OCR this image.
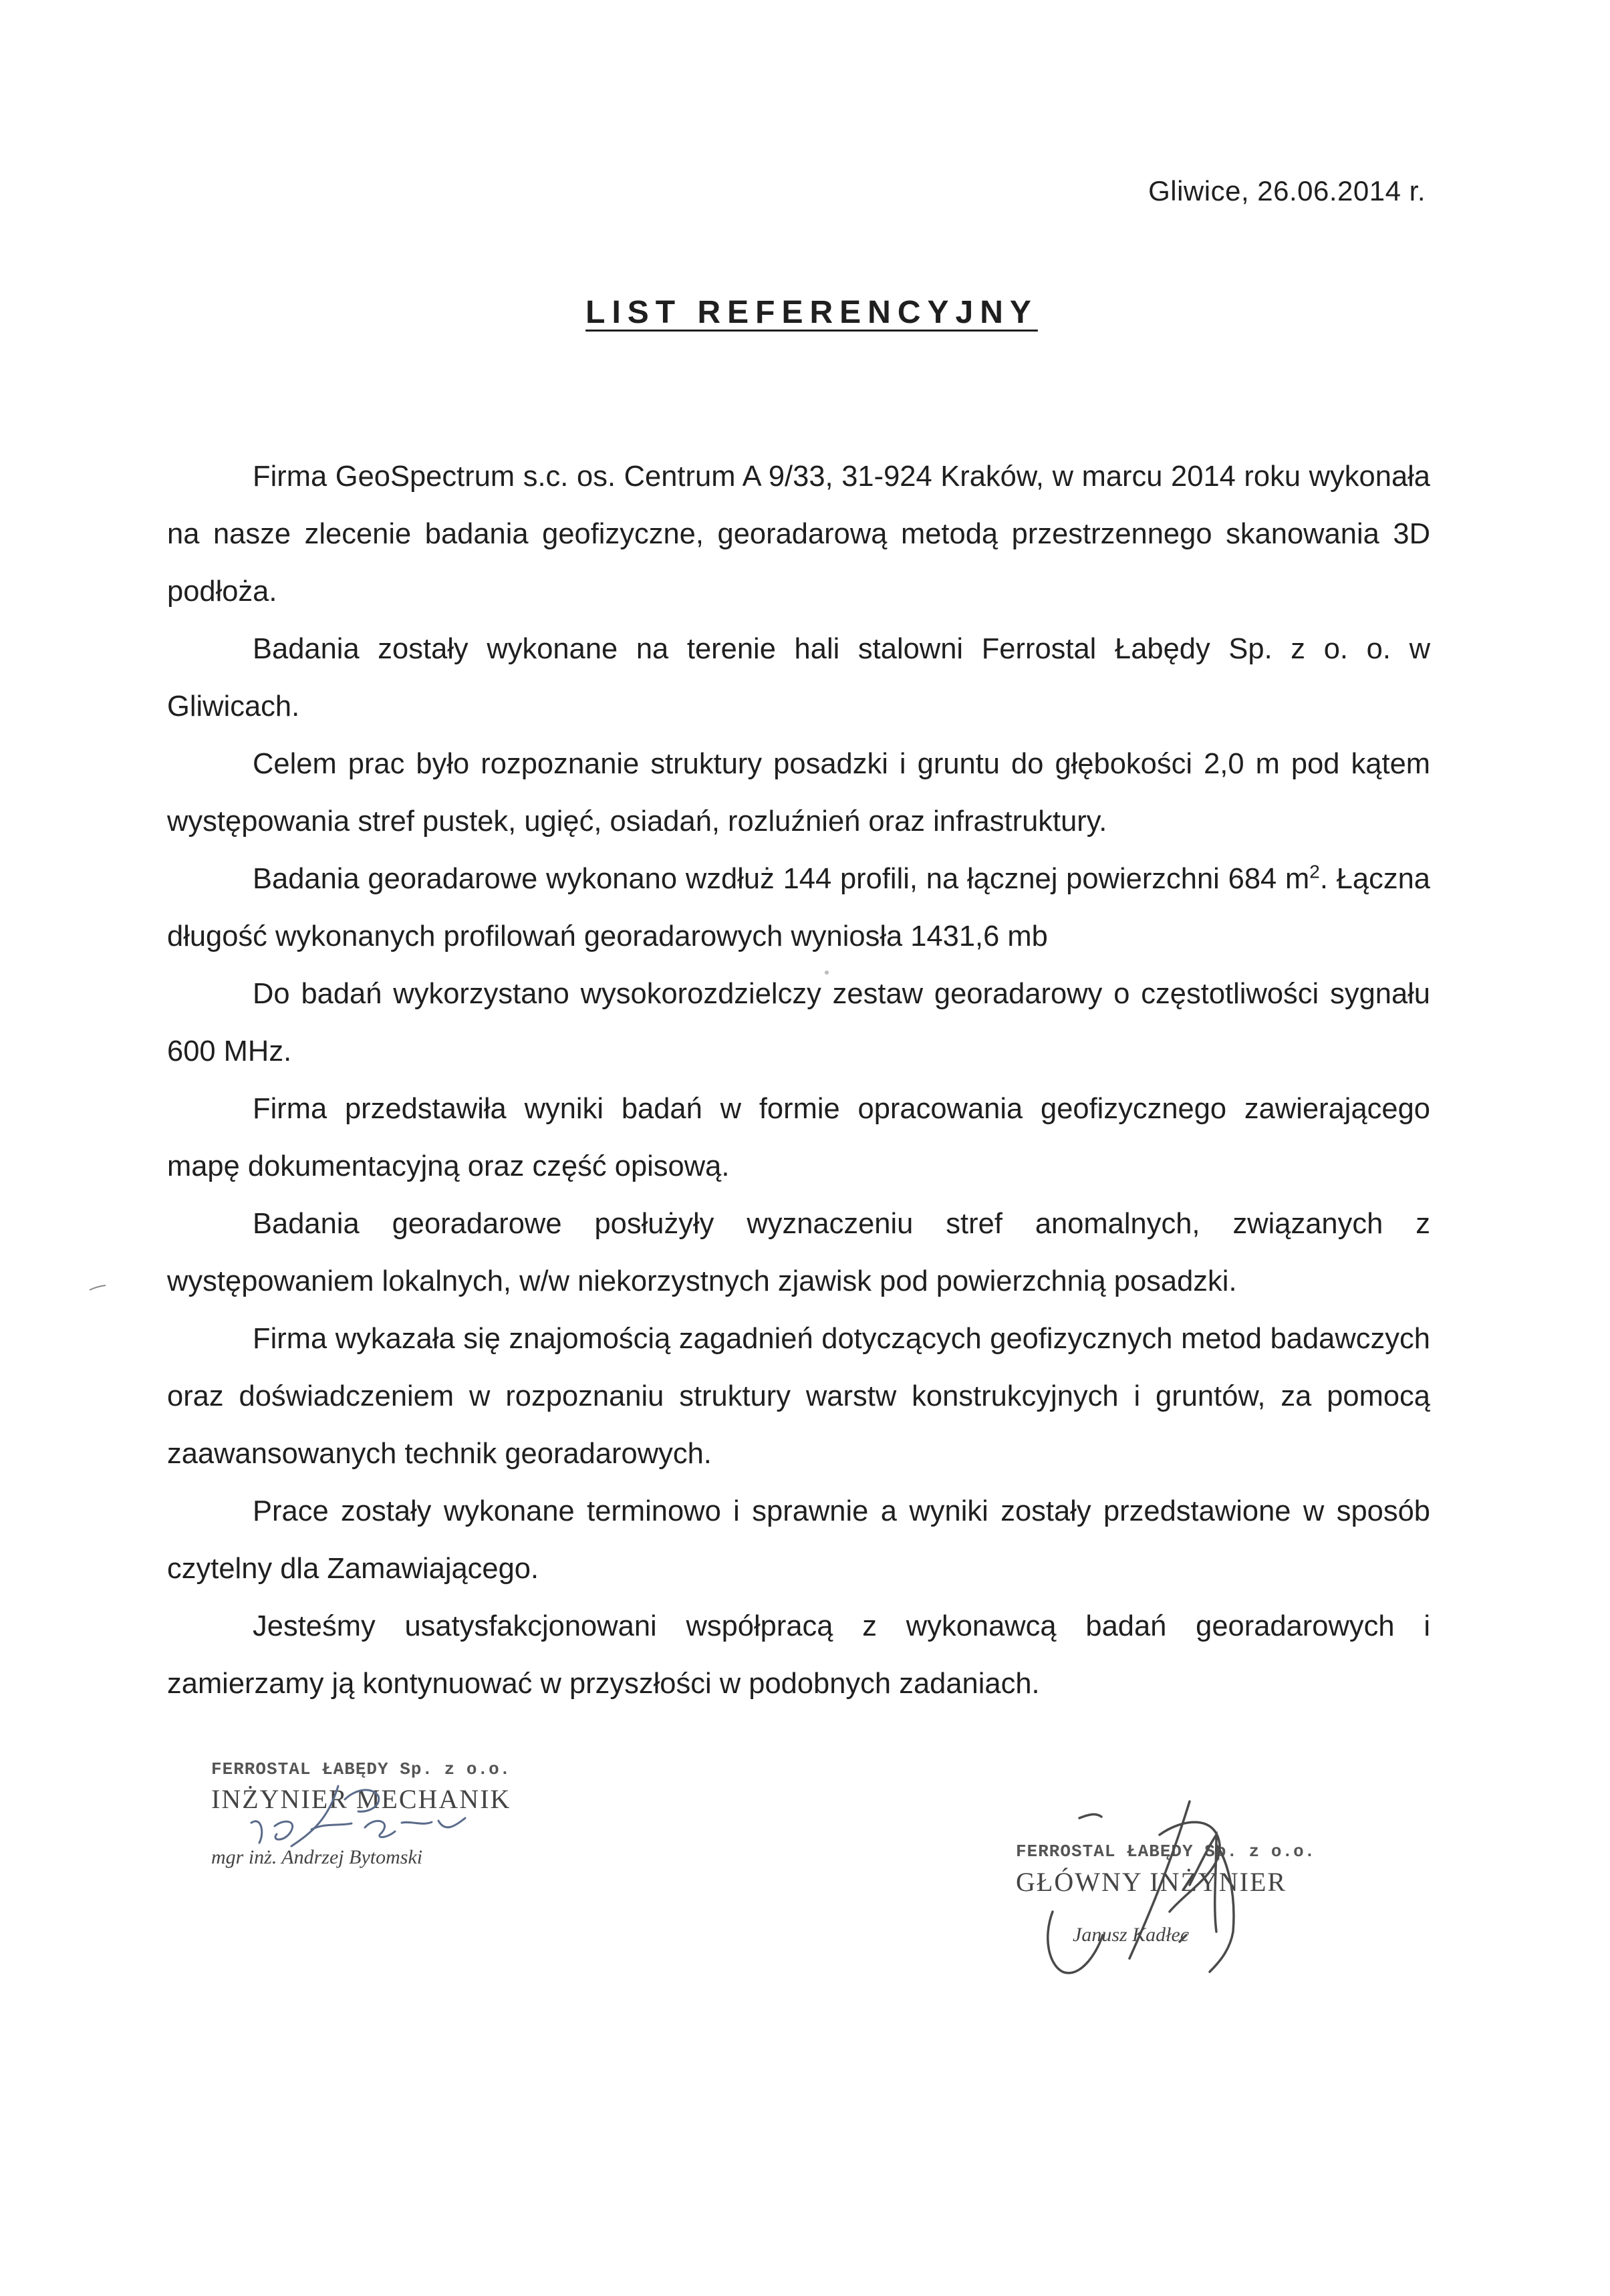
Gliwice, 26.06.2014 r.
LIST REFERENCYJNY

Firma GeoSpectrum s.c. os. Centrum A 9/33, 31-924 Kraków, w marcu 2014 roku wykonała na nasze zlecenie badania geofizyczne, georadarową metodą przestrzennego skanowania 3D podłoża.

Badania zostały wykonane na terenie hali stalowni Ferrostal Łabędy Sp. z o. o. w Gliwicach.

Celem prac było rozpoznanie struktury posadzki i gruntu do głębokości 2,0 m pod kątem występowania stref pustek, ugięć, osiadań, rozluźnień oraz infrastruktury.

Badania georadarowe wykonano wzdłuż 144 profili, na łącznej powierzchni 684 $m^2$. Łączna długość wykonanych profilowań georadarowych wyniosła 1431,6 mb

Do badań wykorzystano wysokorozdzielczy zestaw georadarowy o częstotliwości sygnału 600 MHz.

Firma przedstawiła wyniki badań w formie opracowania geofizycznego zawierającego mapę dokumentacyjną oraz część opisową.

Badania georadarowe posłużyły wyznaczeniu stref anomalnych, związanych z występowaniem lokalnych, w/w niekorzystnych zjawisk pod powierzchnią posadzki.

Firma wykazała się znajomością zagadnień dotyczących geofizycznych metod badawczych oraz doświadczeniem w rozpoznaniu struktury warstw konstrukcyjnych i gruntów, za pomocą zaawansowanych technik georadarowych.

Prace zostały wykonane terminowo i sprawnie a wyniki zostały przedstawione w sposób czytelny dla Zamawiającego.

Jesteśmy usatysfakcjonowani współpracą z wykonawcą badań georadarowych i zamierzamy ją kontynuować w przyszłości w podobnych zadaniach.

FERROSTAL ŁABĘDY Sp. z o.o.
INŻYNIER MECHANIK
mgr inż. Andrzej Bytomski	FERROSTAL ŁABĘDY Sp. z o.o.
GŁÓWNY INŻYNIER
Janusz Kadłec
